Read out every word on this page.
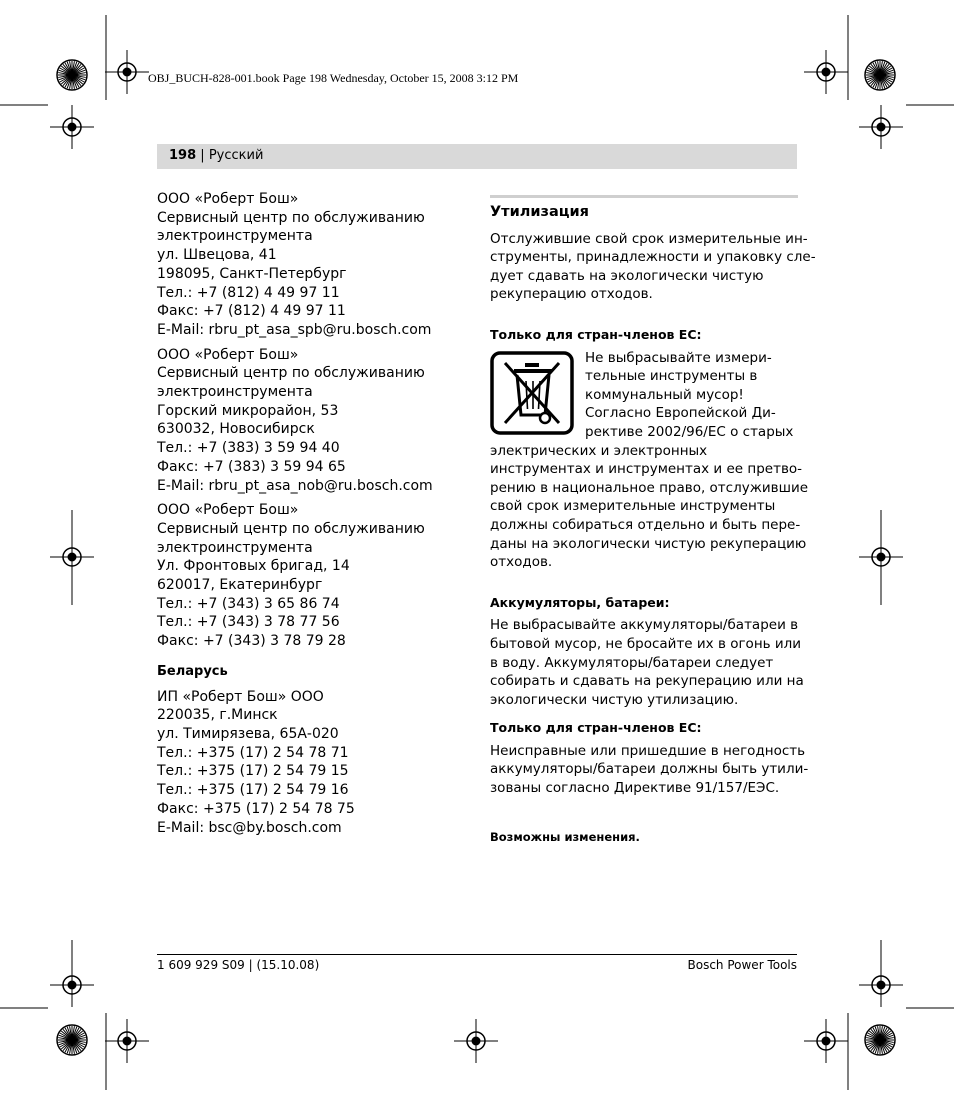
OBJ_BUCH-828-001.book Page 198 Wednesday, October 15, 2008 3:12 PM
198 | Русский
ООО «Роберт Бош»
Сервисный центр по обслуживанию
электроинструмента
ул. Швецова, 41
198095, Санкт-Петербург
Тел.: +7 (812) 4 49 97 11
Факс: +7 (812) 4 49 97 11
E-Mail: rbru_pt_asa_spb@ru.bosch.com
ООО «Роберт Бош»
Сервисный центр по обслуживанию
электроинструмента
Горский микрорайон, 53
630032, Новосибирск
Тел.: +7 (383) 3 59 94 40
Факс: +7 (383) 3 59 94 65
E-Mail: rbru_pt_asa_nob@ru.bosch.com
ООО «Роберт Бош»
Сервисный центр по обслуживанию
электроинструмента
Ул. Фронтовых бригад, 14
620017, Екатеринбург
Тел.: +7 (343) 3 65 86 74
Тел.: +7 (343) 3 78 77 56
Факс: +7 (343) 3 78 79 28
Беларусь
ИП «Роберт Бош» ООО
220035, г.Минск
ул. Тимирязева, 65А-020
Тел.: +375 (17) 2 54 78 71
Тел.: +375 (17) 2 54 79 15
Тел.: +375 (17) 2 54 79 16
Факс: +375 (17) 2 54 78 75
E-Mail: bsc@by.bosch.com
Утилизация
Отслужившие свой срок измерительные ин-
струменты, принадлежности и упаковку сле-
дует сдавать на экологически чистую
рекуперацию отходов.
Только для стран-членов ЕС:
Не выбрасывайте измери-
тельные инструменты в
коммунальный мусор!
Согласно Европейской Ди-
рективе 2002/96/ЕС о старых
электрических и электронных
инструментах и инструментах и ее претво-
рению в национальное право, отслужившие
свой срок измерительные инструменты
должны собираться отдельно и быть пере-
даны на экологически чистую рекуперацию
отходов.
Аккумуляторы, батареи:
Не выбрасывайте аккумуляторы/батареи в
бытовой мусор, не бросайте их в огонь или
в воду. Аккумуляторы/батареи следует
собирать и сдавать на рекуперацию или на
экологически чистую утилизацию.
Только для стран-членов ЕС:
Неисправные или пришедшие в негодность
аккумуляторы/батареи должны быть утили-
зованы согласно Директиве 91/157/ЕЭС.
Возможны изменения.
1 609 929 S09 | (15.10.08)	Bosch Power Tools
